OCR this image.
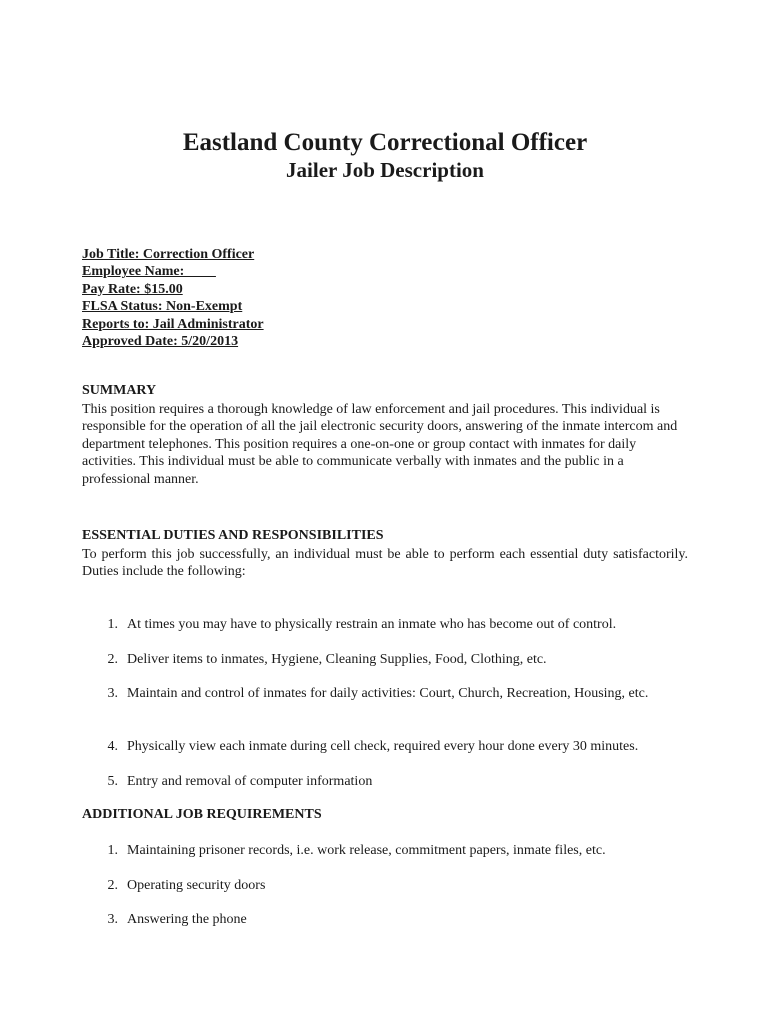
Eastland County Correctional Officer
Jailer Job Description
Job Title: Correction Officer
Employee Name: ____
Pay Rate: $15.00
FLSA Status: Non-Exempt
Reports to: Jail Administrator
Approved Date: 5/20/2013
SUMMARY

This position requires a thorough knowledge of law enforcement and jail procedures. This individual is responsible for the operation of all the jail electronic security doors, answering of the inmate intercom and department telephones. This position requires a one-on-one or group contact with inmates for daily activities. This individual must be able to communicate verbally with inmates and the public in a professional manner.

ESSENTIAL DUTIES AND RESPONSIBILITIES

To perform this job successfully, an individual must be able to perform each essential duty satisfactorily. Duties include the following:

1. At times you may have to physically restrain an inmate who has become out of control.
2. Deliver items to inmates, Hygiene, Cleaning Supplies, Food, Clothing, etc.
3. Maintain and control of inmates for daily activities: Court, Church, Recreation, Housing, etc.
4. Physically view each inmate during cell check, required every hour done every 30 minutes.
5. Entry and removal of computer information
ADDITIONAL JOB REQUIREMENTS
1. Maintaining prisoner records, i.e. work release, commitment papers, inmate files, etc.
2. Operating security doors
3. Answering the phone
